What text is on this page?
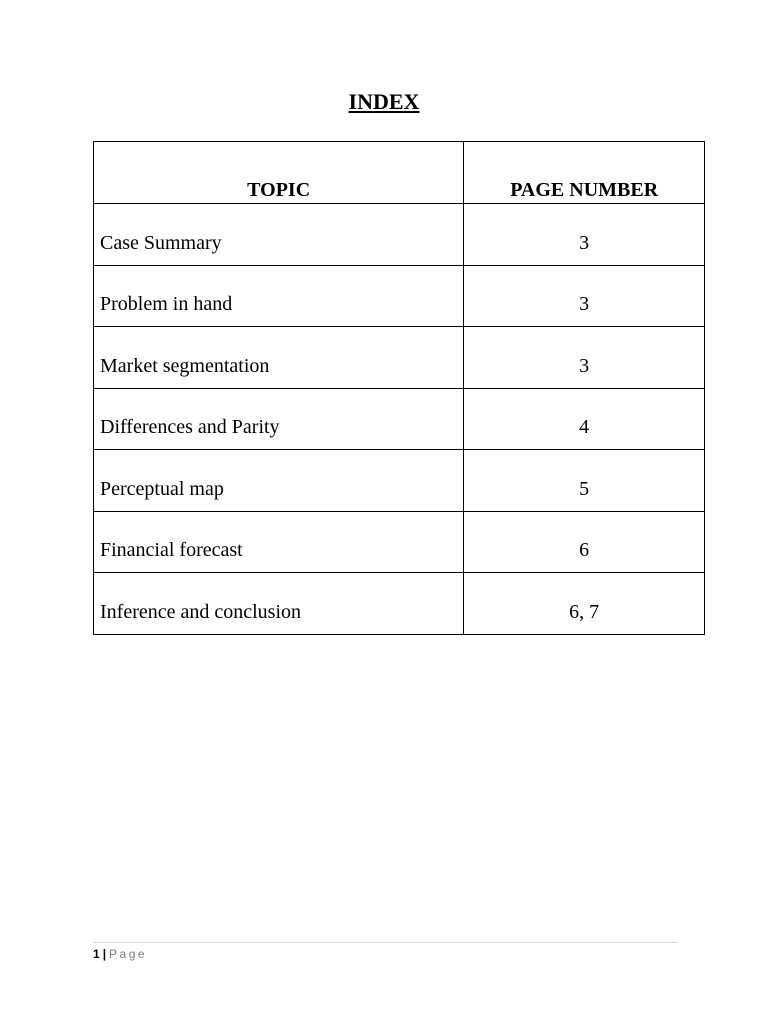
INDEX
TOPIC	PAGE NUMBER
Case Summary	3
Problem in hand	3
Market segmentation	3
Differences and Parity	4
Perceptual map	5
Financial forecast	6
Inference and conclusion	6, 7
1 | Page
